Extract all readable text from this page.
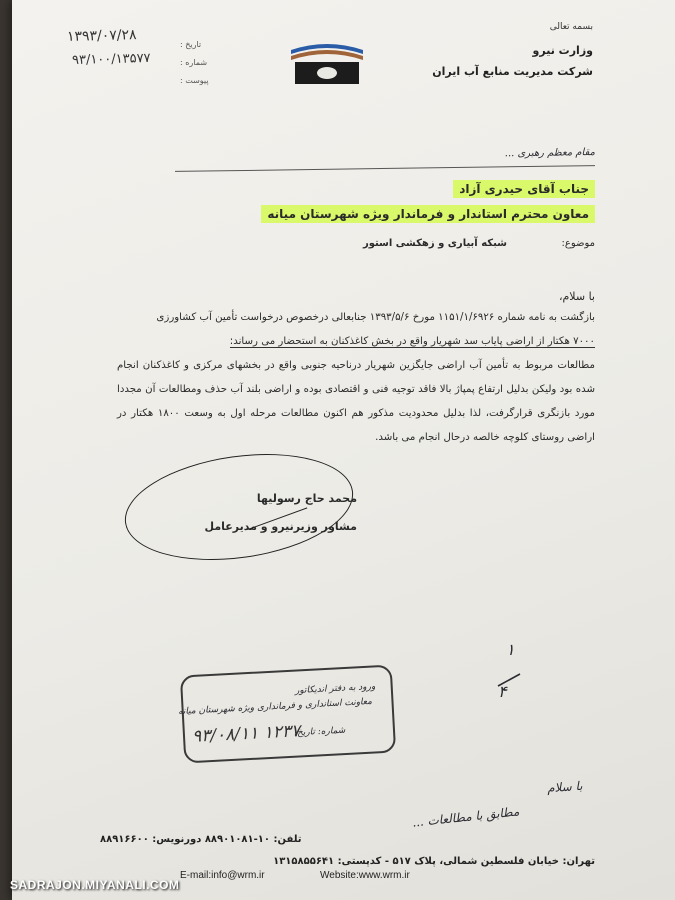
بسمه تعالی
وزارت نیرو
شرکت مدیریت منابع آب ایران
تاریخ :
شماره :
پیوست :
۱۳۹۳/۰۷/۲۸
۹۳/۱۰۰/۱۳۵۷۷
مقام معظم رهبری ...
جناب آقای حیدری آزاد
معاون محترم استاندار و فرماندار ویژه شهرستان میانه
موضوع:
شبکه آبیاری و زهکشی استور
با سلام،

بازگشت به نامه شماره ۱۱۵۱/۱/۶۹۲۶ مورخ ۱۳۹۳/۵/۶ جنابعالی درخصوص درخواست تأمین آب کشاورزی

۷۰۰۰ هکتار از اراضی پایاب سد شهریار واقع در بخش کاغذکنان به استحضار می رساند:

مطالعات مربوط به تأمین آب اراضی جایگزین شهریار درناحیه جنوبی واقع در بخشهای مرکزی و کاغذکنان انجام شده بود ولیکن بدلیل ارتفاع پمپاژ بالا فاقد توجیه فنی و اقتصادی بوده و اراضی بلند آب حذف ومطالعات آن مجددا مورد بازنگری قرارگرفت، لذا بدلیل محدودیت مذکور هم اکنون مطالعات مرحله اول به وسعت ۱۸۰۰ هکتار در اراضی روستای کلوچه خالصه درحال انجام می باشد.

محمد حاج رسولیها
مشاور وزیرنیرو و مدیرعامل
۱
۴
ورود به دفتر اندیکاتور
معاونت استانداری و فرمانداری ویژه شهرستان میانه
شماره: تاریخ:
۹۳/۰۸/۱۱ ۱۲۳۷
با سلام
مطابق با مطالعات ...
تلفن: ۱۰-۸۸۹۰۱۰۸۱ دورنویس: ۸۸۹۱۶۶۰۰
تهران: خیابان فلسطین شمالی، پلاک ۵۱۷ - کدپستی: ۱۳۱۵۸۵۵۶۴۱
E-mail:info@wrm.ir	Website:www.wrm.ir
SADRAJON.MIYANALI.COM
